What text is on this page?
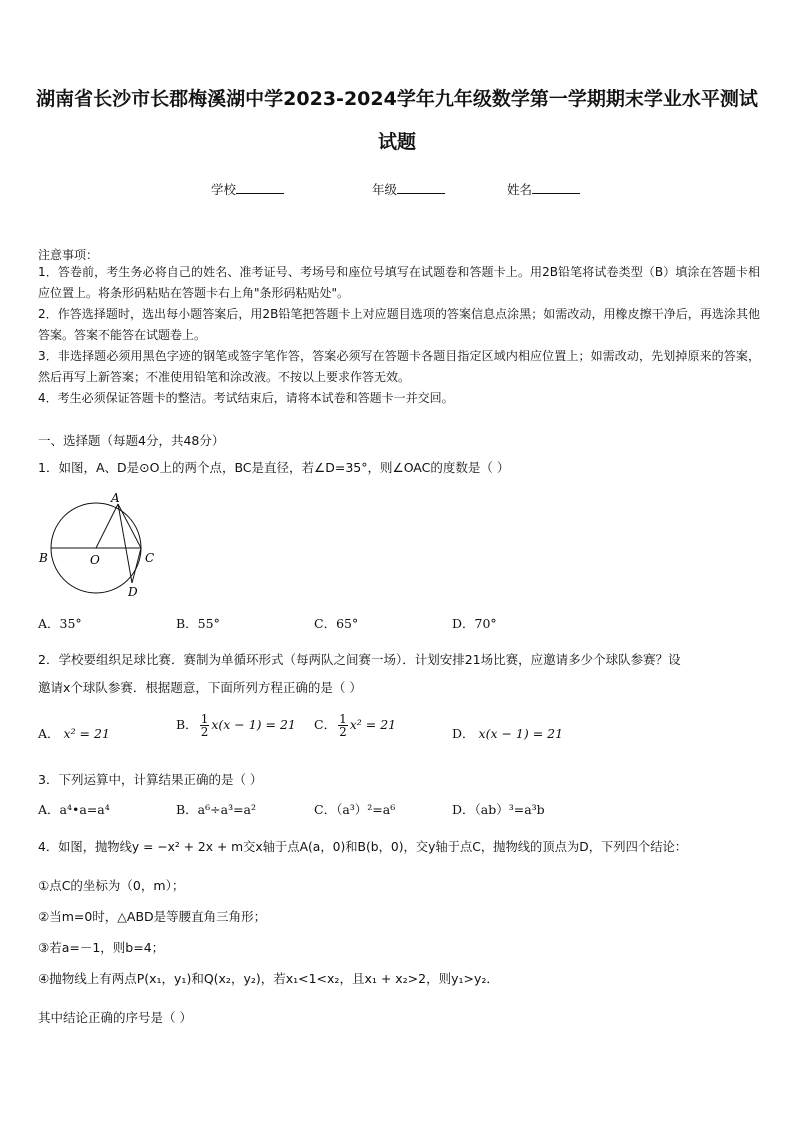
湖南省长沙市长郡梅溪湖中学2023-2024学年九年级数学第一学期期末学业水平测试
试题
学校	年级	姓名
注意事项：

1．答卷前，考生务必将自己的姓名、准考证号、考场号和座位号填写在试题卷和答题卡上。用2B铅笔将试卷类型（B）填涂在答题卡相应位置上。将条形码粘贴在答题卡右上角"条形码粘贴处"。

2．作答选择题时，选出每小题答案后，用2B铅笔把答题卡上对应题目选项的答案信息点涂黑；如需改动，用橡皮擦干净后，再选涂其他答案。答案不能答在试题卷上。

3．非选择题必须用黑色字迹的钢笔或签字笔作答，答案必须写在答题卡各题目指定区域内相应位置上；如需改动，先划掉原来的答案，然后再写上新答案；不准使用铅笔和涂改液。不按以上要求作答无效。

4．考生必须保证答题卡的整洁。考试结束后，请将本试卷和答题卡一并交回。

一、选择题（每题4分，共48分）
1．如图，A、D是⊙O上的两个点，BC是直径，若∠D=35°，则∠OAC的度数是（ ）
A
B	O	C
D
A．35°	B．55°	C．65°	D．70°

2．学校要组织足球比赛．赛制为单循环形式（每两队之间赛一场）．计划安排21场比赛，应邀请多少个球队参赛？设

邀请x个球队参赛．根据题意，下面所列方程正确的是（ ）

A． x² = 21
B． $\frac{1}{2} x(x - 1) = 21$ C． $\frac{1}{2} x^2 = 21$
D． x(x − 1) = 21
3．下列运算中，计算结果正确的是（ ）
A．a⁴•a=a⁴	B．a⁶÷a³=a²	C．（a³）²=a⁶	D．（ab）³=a³b
4．如图，抛物线y = −x² + 2x + m交x轴于点A(a，0)和B(b，0)，交y轴于点C，抛物线的顶点为D，下列四个结论：

①点C的坐标为（0，m）；

②当m=0时，△ABD是等腰直角三角形；

③若a=－1，则b=4；

④抛物线上有两点P(x₁，y₁)和Q(x₂，y₂)，若x₁<1<x₂，且x₁ + x₂>2，则y₁>y₂．

其中结论正确的序号是（ ）
